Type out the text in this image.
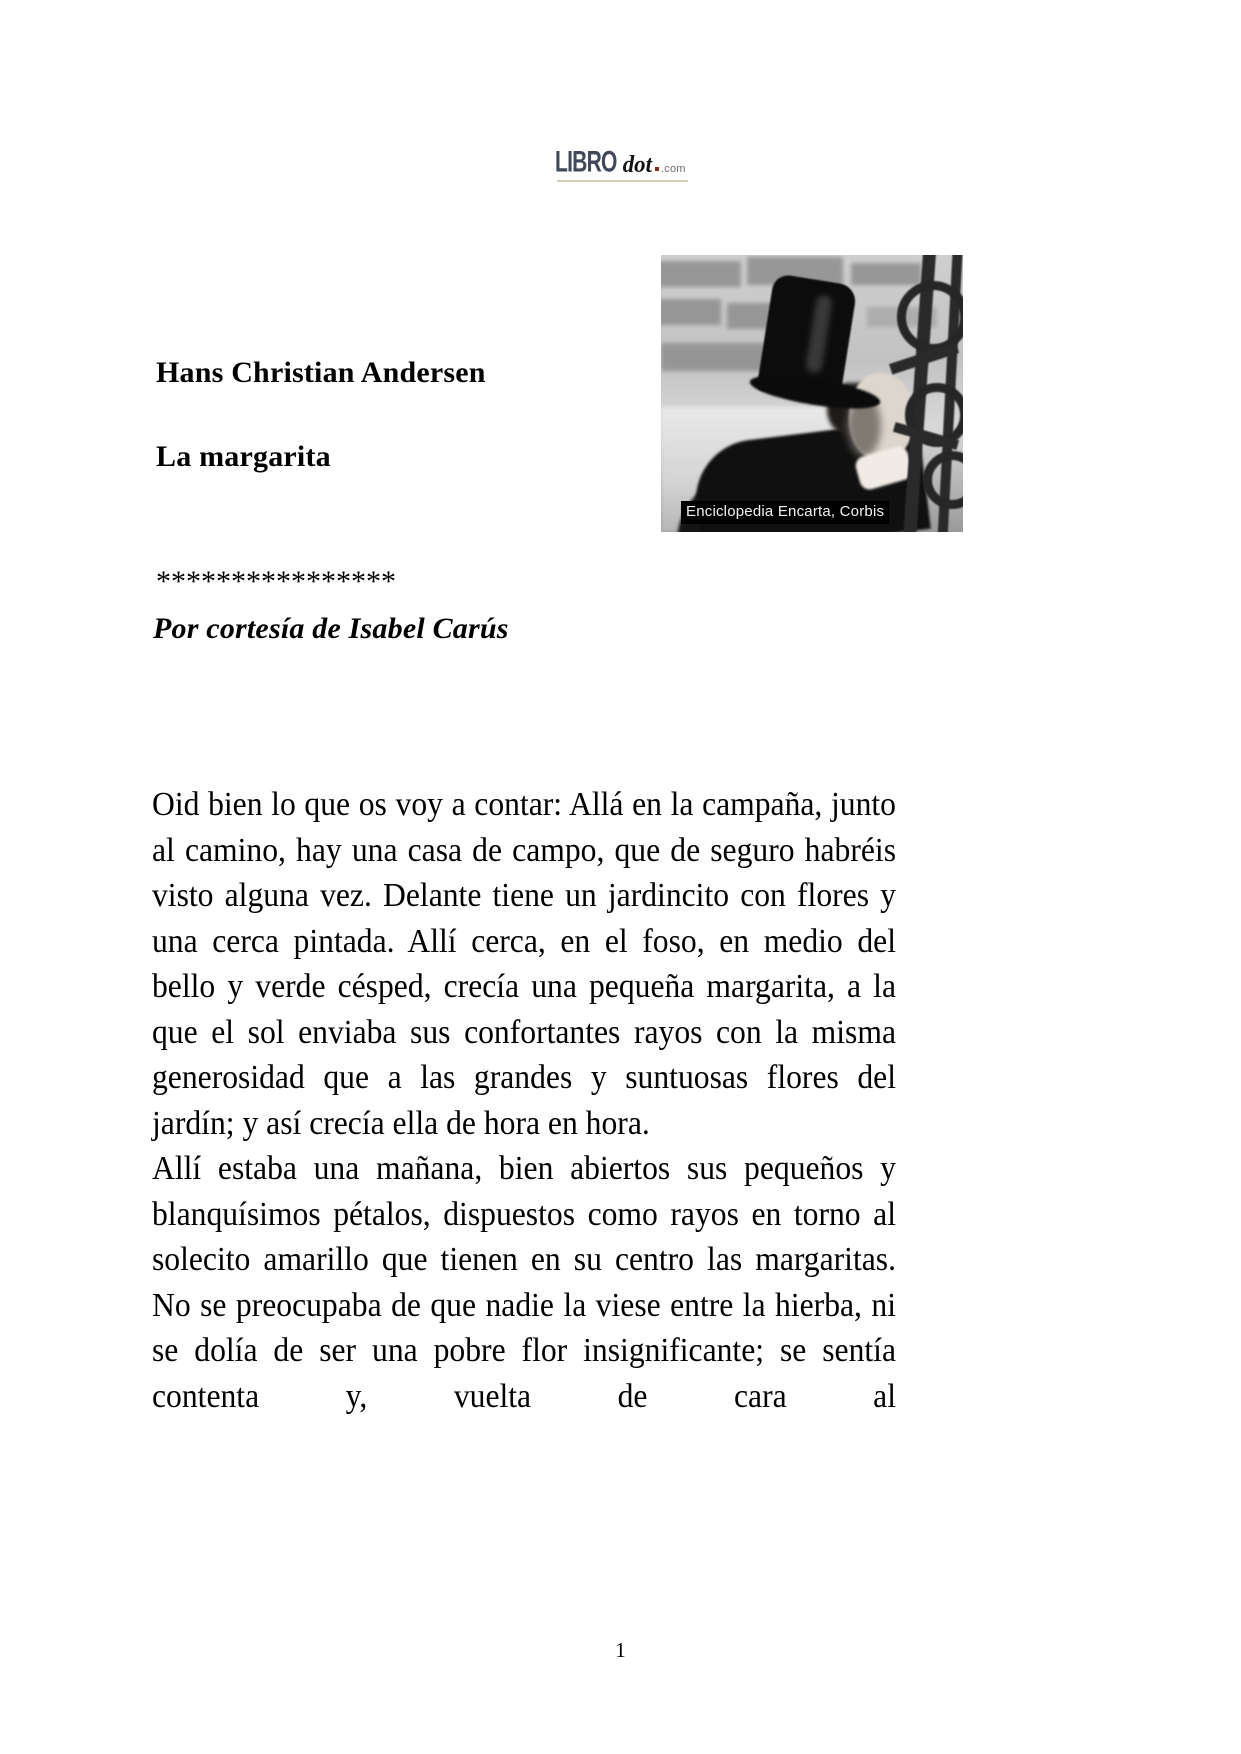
LIBRO dot .com
Enciclopedia Encarta, Corbis
Hans Christian Andersen
La margarita
****************
Por cortesía de Isabel Carús

Oid bien lo que os voy a contar: Allá en la campaña, junto al camino, hay una casa de campo, que de seguro habréis visto alguna vez. Delante tiene un jardincito con flores y una cerca pintada. Allí cerca, en el foso, en medio del bello y verde césped, crecía una pequeña margarita, a la que el sol enviaba sus confortantes rayos con la misma generosidad que a las grandes y suntuosas flores del jardín; y así crecía ella de hora en hora.

Allí estaba una mañana, bien abiertos sus pequeños y blanquísimos pétalos, dispuestos como rayos en torno al solecito amarillo que tienen en su centro las margaritas. No se preocupaba de que nadie la viese entre la hierba, ni se dolía de ser una pobre flor insignificante; se sentía contenta y, vuelta de cara al

1
